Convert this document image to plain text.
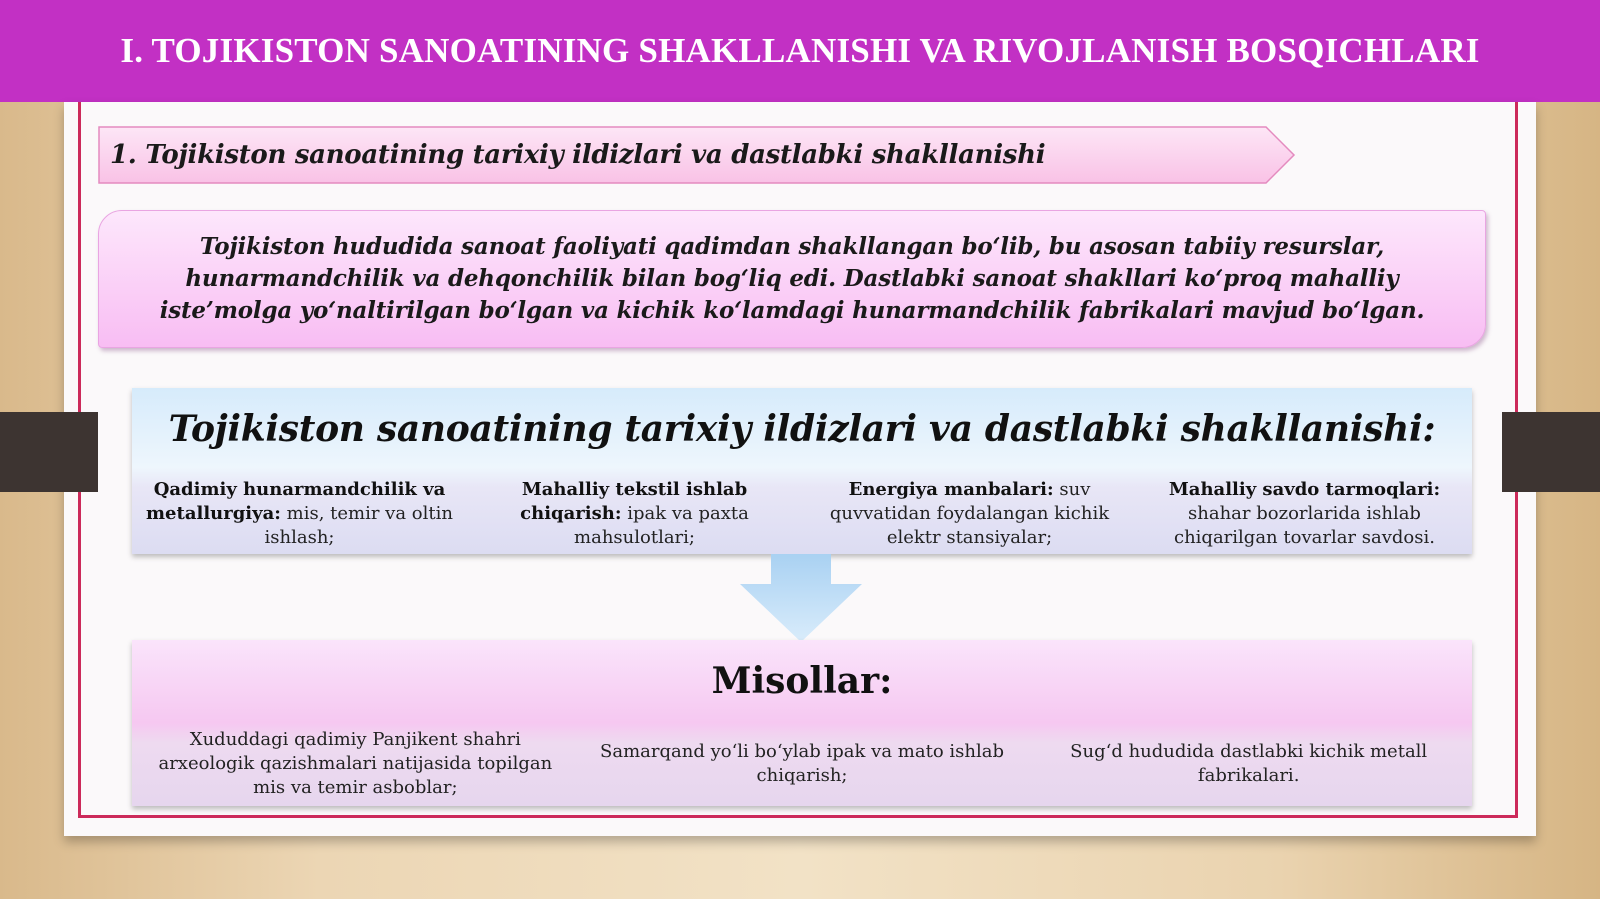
I. TOJIKISTON SANOATINING SHAKLLANISHI VA RIVOJLANISH BOSQICHLARI
1. Tojikiston sanoatining tarixiy ildizlari va dastlabki shakllanishi

Tojikiston hududida sanoat faoliyati qadimdan shakllangan bo‘lib, bu asosan tabiiy resurslar, hunarmandchilik va dehqonchilik bilan bog‘liq edi. Dastlabki sanoat shakllari ko‘proq mahalliy iste’molga yo‘naltirilgan bo‘lgan va kichik ko‘lamdagi hunarmandchilik fabrikalari mavjud bo‘lgan.

Tojikiston sanoatining tarixiy ildizlari va dastlabki shakllanishi:
Qadimiy hunarmandchilik va metallurgiya: mis, temir va oltin ishlash;
Mahalliy tekstil ishlab chiqarish: ipak va paxta mahsulotlari;
Energiya manbalari: suv quvvatidan foydalangan kichik elektr stansiyalar;
Mahalliy savdo tarmoqlari: shahar bozorlarida ishlab chiqarilgan tovarlar savdosi.
Misollar:
Xududdagi qadimiy Panjikent shahri arxeologik qazishmalari natijasida topilgan mis va temir asboblar;
Samarqand yo‘li bo‘ylab ipak va mato ishlab chiqarish;
Sug‘d hududida dastlabki kichik metall fabrikalari.
